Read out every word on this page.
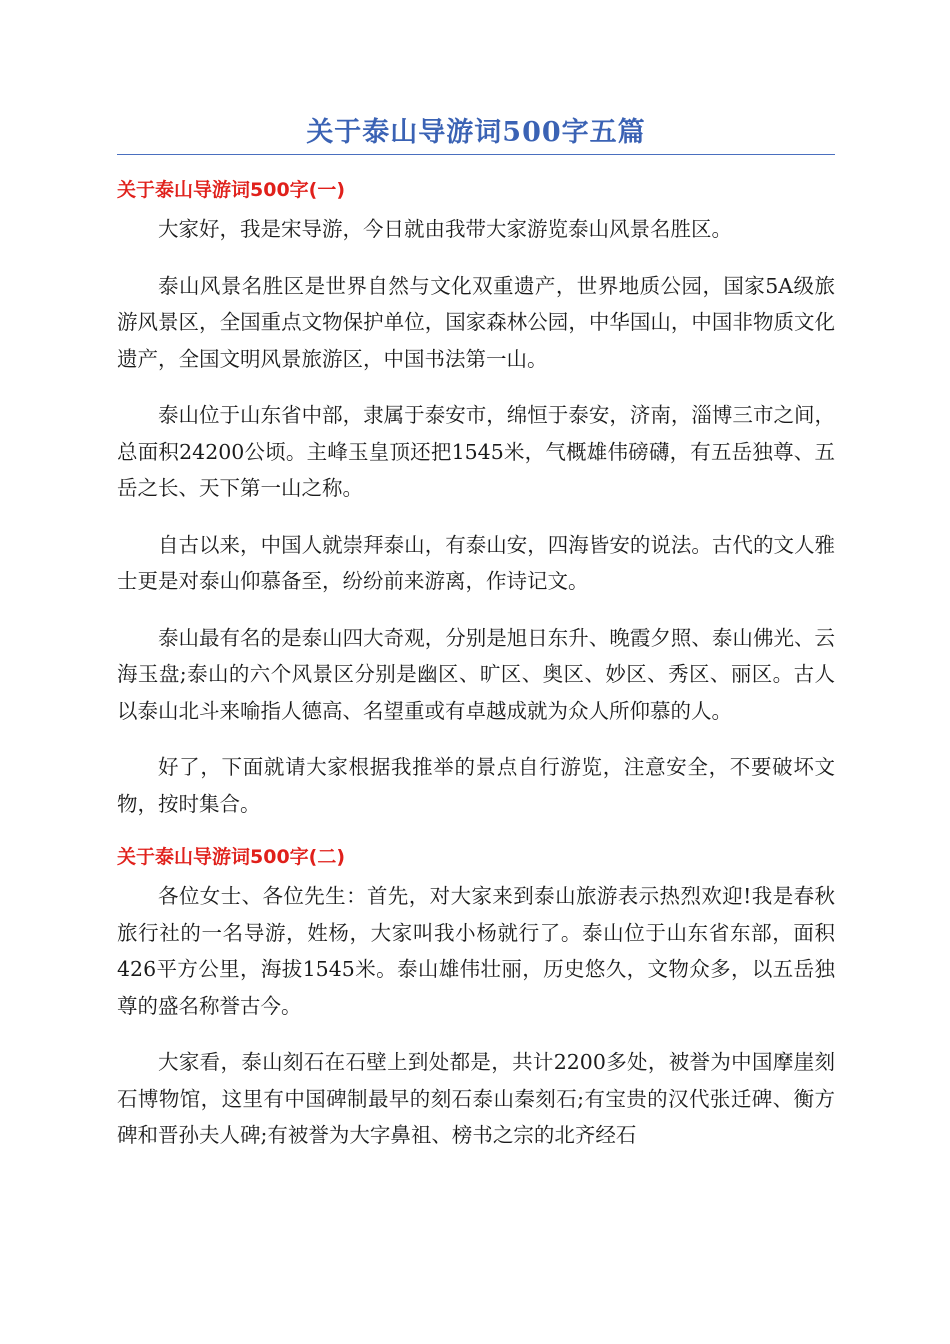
关于泰山导游词500字五篇
关于泰山导游词500字(一)

大家好，我是宋导游，今日就由我带大家游览泰山风景名胜区。

泰山风景名胜区是世界自然与文化双重遗产，世界地质公园，国家5A级旅游风景区，全国重点文物保护单位，国家森林公园，中华国山，中国非物质文化遗产，全国文明风景旅游区，中国书法第一山。

泰山位于山东省中部，隶属于泰安市，绵恒于泰安，济南，淄博三市之间，总面积24200公顷。主峰玉皇顶还把1545米，气概雄伟磅礴，有五岳独尊、五岳之长、天下第一山之称。

自古以来，中国人就崇拜泰山，有泰山安，四海皆安的说法。古代的文人雅士更是对泰山仰慕备至，纷纷前来游离，作诗记文。

泰山最有名的是泰山四大奇观，分别是旭日东升、晚霞夕照、泰山佛光、云海玉盘;泰山的六个风景区分别是幽区、旷区、奥区、妙区、秀区、丽区。古人以泰山北斗来喻指人德高、名望重或有卓越成就为众人所仰慕的人。

好了，下面就请大家根据我推举的景点自行游览，注意安全，不要破坏文物，按时集合。

关于泰山导游词500字(二)

各位女士、各位先生：首先，对大家来到泰山旅游表示热烈欢迎!我是春秋旅行社的一名导游，姓杨，大家叫我小杨就行了。泰山位于山东省东部，面积426平方公里，海拔1545米。泰山雄伟壮丽，历史悠久，文物众多，以五岳独尊的盛名称誉古今。

大家看，泰山刻石在石壁上到处都是，共计2200多处，被誉为中国摩崖刻石博物馆，这里有中国碑制最早的刻石泰山秦刻石;有宝贵的汉代张迁碑、衡方碑和晋孙夫人碑;有被誉为大字鼻祖、榜书之宗的北齐经石
